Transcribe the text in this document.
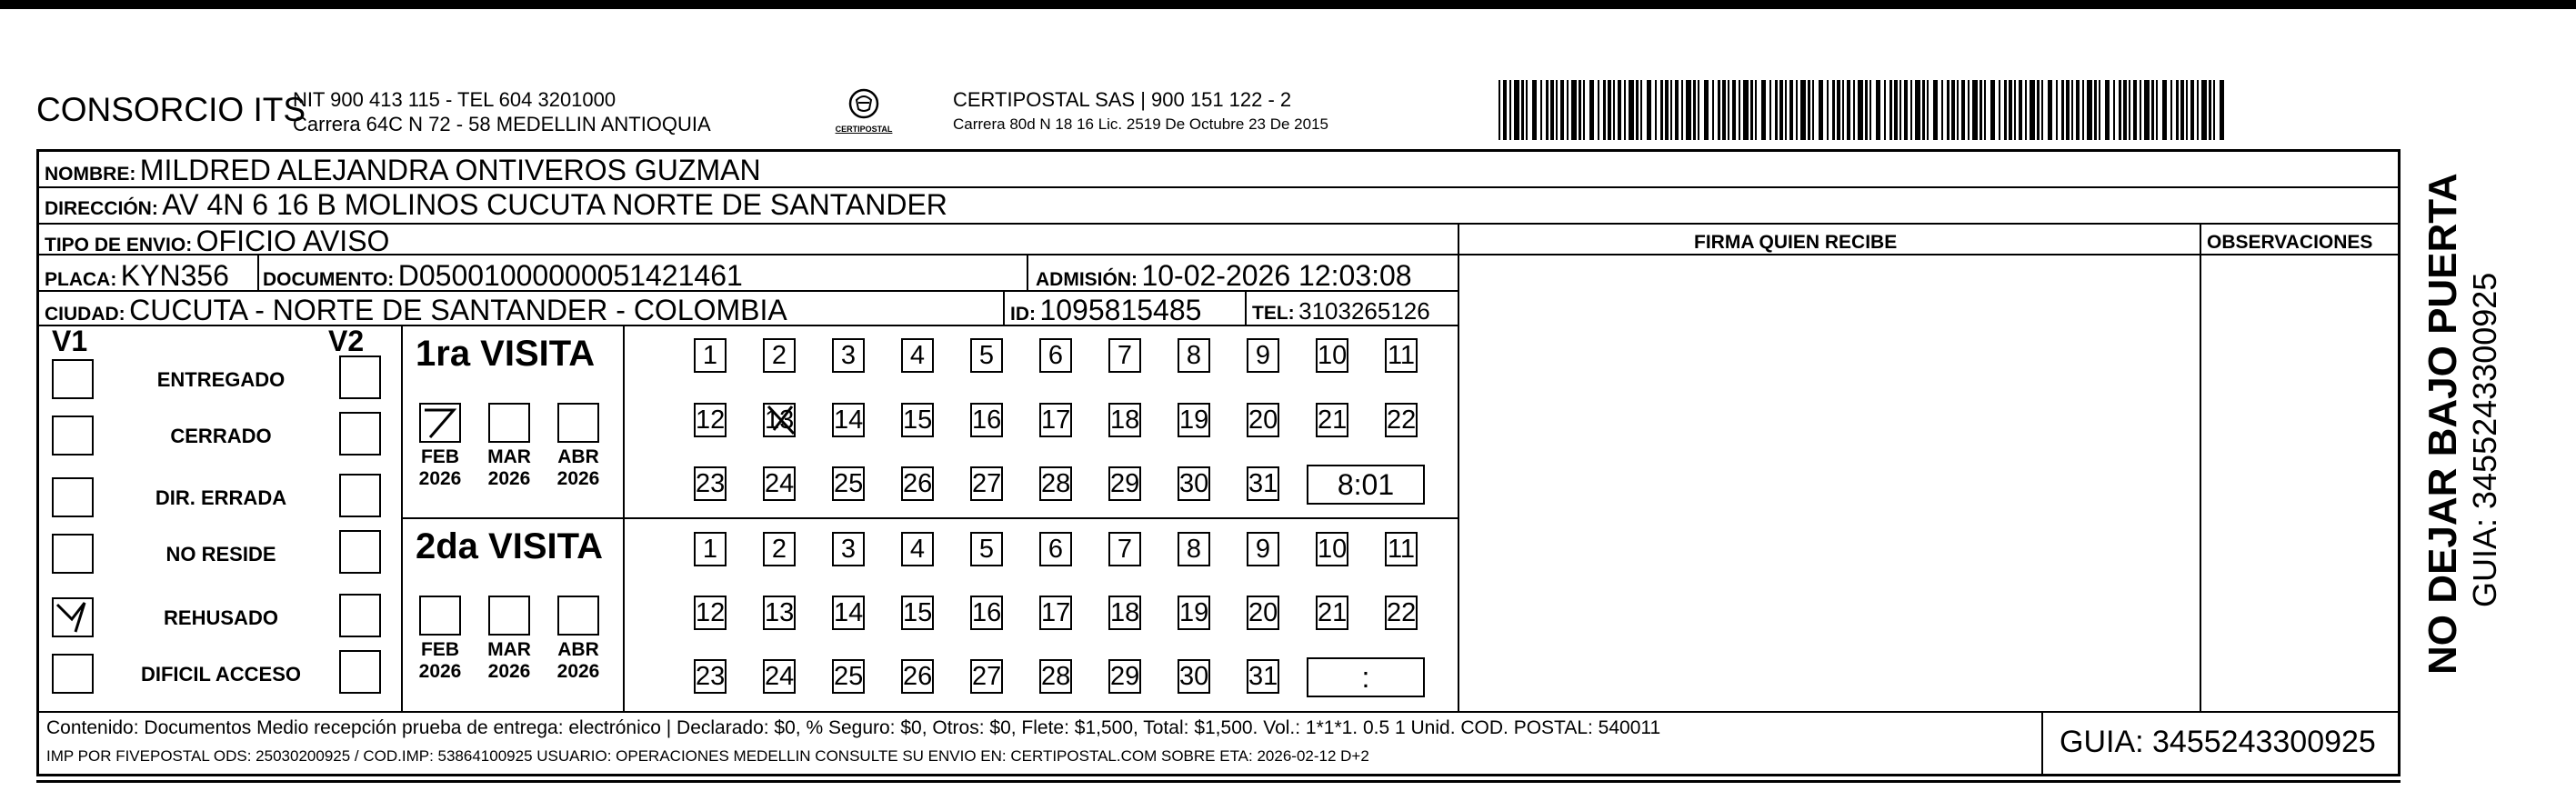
CONSORCIO ITS
NIT 900 413 115 - TEL 604 3201000
Carrera 64C N 72 - 58 MEDELLIN ANTIOQUIA	CERTIPOSTAL
CERTIPOSTAL SAS | 900 151 122 - 2
Carrera 80d N 18 16 Lic. 2519 De Octubre 23 De 2015
NOMBRE: MILDRED ALEJANDRA ONTIVEROS GUZMAN
DIRECCIÓN: AV 4N 6 16 B MOLINOS CUCUTA NORTE DE SANTANDER
TIPO DE ENVIO: OFICIO AVISO	FIRMA QUIEN RECIBE	OBSERVACIONES
PLACA: KYN356 DOCUMENTO: D05001000000051421461	ADMISIÓN: 10-02-2026 12:03:08
CIUDAD: CUCUTA - NORTE DE SANTANDER - COLOMBIA	ID: 1095815485	TEL: 3103265126
V1	V2
ENTREGADO
CERRADO
DIR. ERRADA
NO RESIDE
REHUSADO
DIFICIL ACCESO
1ra VISITA
2da VISITA
FEB
2026
MAR
2026
ABR
2026
FEB
2026
MAR
2026
ABR
2026
1	2	3	4	5	6	7	8	9	10 11
12 13 14 15 16 17 18 19 20 21 22
23 24 25 26 27 28 29 30 31	8:01
1	2	3	4	5	6	7	8	9	10 11
12 13 14 15 16 17 18 19 20 21 22
23 24 25 26 27 28 29 30 31	:
Contenido: Documentos Medio recepción prueba de entrega: electrónico | Declarado: $0, % Seguro: $0, Otros: $0, Flete: $1,500, Total: $1,500. Vol.: 1*1*1. 0.5 1 Unid. COD. POSTAL: 540011
IMP POR FIVEPOSTAL ODS: 25030200925 / COD.IMP: 53864100925 USUARIO: OPERACIONES MEDELLIN CONSULTE SU ENVIO EN: CERTIPOSTAL.COM SOBRE ETA: 2026-02-12 D+2	GUIA: 3455243300925
NO DEJAR BAJO PUERTA GUIA: 3455243300925
